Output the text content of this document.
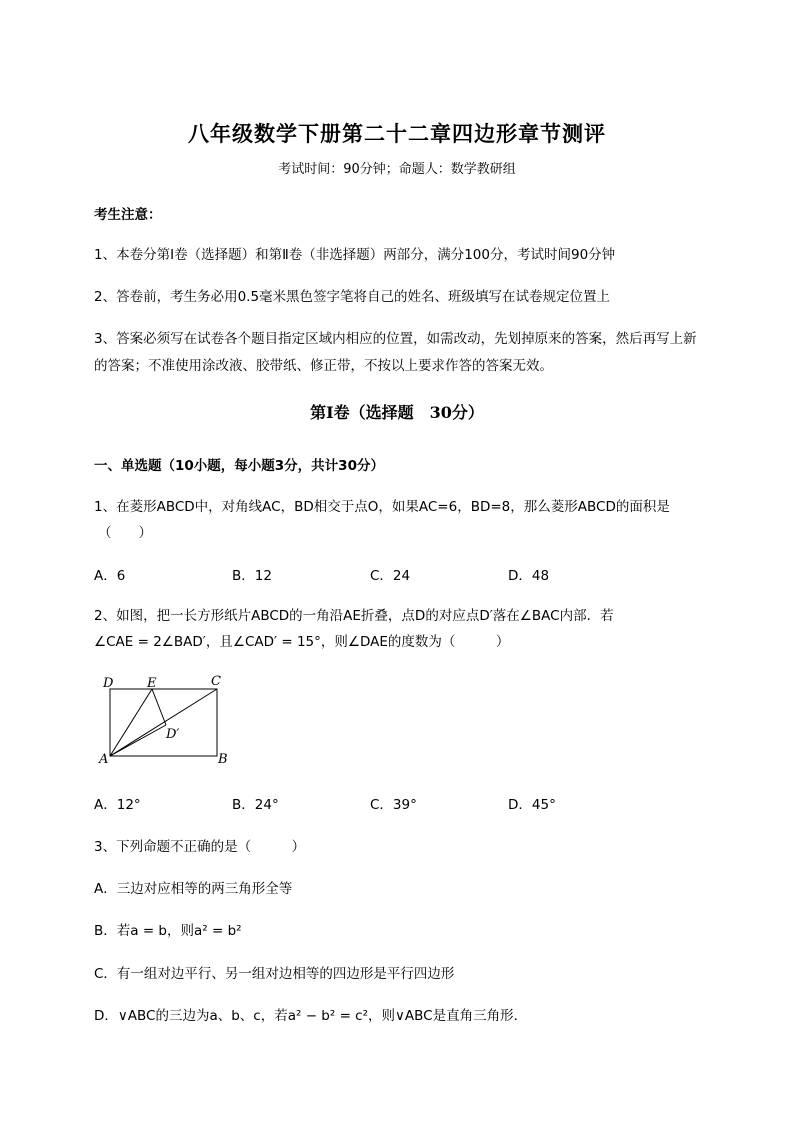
八年级数学下册第二十二章四边形章节测评
考试时间：90分钟；命题人：数学教研组
考生注意：
1、本卷分第Ⅰ卷（选择题）和第Ⅱ卷（非选择题）两部分，满分100分，考试时间90分钟
2、答卷前，考生务必用0.5毫米黑色签字笔将自己的姓名、班级填写在试卷规定位置上
3、答案必须写在试卷各个题目指定区域内相应的位置，如需改动，先划掉原来的答案，然后再写上新
的答案；不准使用涂改液、胶带纸、修正带，不按以上要求作答的答案无效。
第Ⅰ卷（选择题　30分）
一、单选题（10小题，每小题3分，共计30分）
1、在菱形ABCD中，对角线AC，BD相交于点O，如果AC=6，BD=8，那么菱形ABCD的面积是
（　　）
A．6	B．12	C．24	D．48
2、如图，把一长方形纸片ABCD的一角沿AE折叠，点D的对应点D′落在∠BAC内部．若
∠CAE = 2∠BAD′，且∠CAD′ = 15°，则∠DAE的度数为（　　　）
D	E	C
D′
A	B
A．12°	B．24°	C．39°	D．45°
3、下列命题不正确的是（　　　）
A．三边对应相等的两三角形全等
B．若a = b，则a² = b²
C．有一组对边平行、另一组对边相等的四边形是平行四边形
D．∨ABC的三边为a、b、c，若a² − b² = c²，则∨ABC是直角三角形．
